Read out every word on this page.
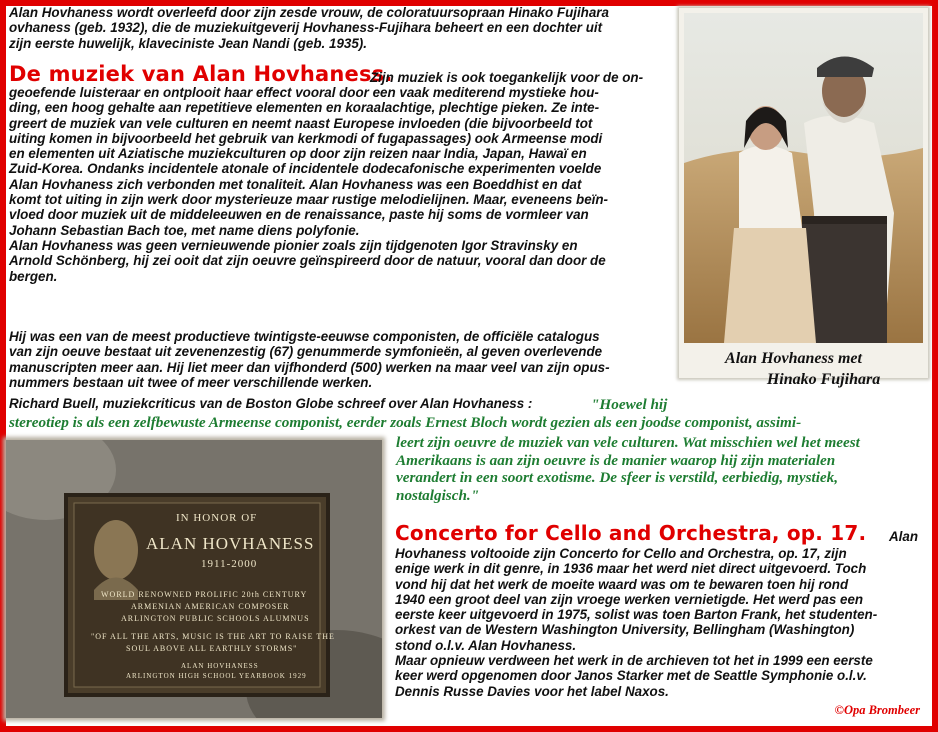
Alan Hovhaness wordt overleefd door zijn zesde vrouw, de coloratuursopraan Hinako Fujihara
ovhaness (geb. 1932), die de muziekuitgeverij Hovhaness-Fujihara beheert en een dochter uit
zijn eerste huwelijk, klaveciniste Jean Nandi (geb. 1935).
De muziek van Alan Hovhaness.
Zijn muziek is ook toegankelijk voor de on-
geoefende luisteraar en ontplooit haar effect vooral door een vaak mediterend mystieke hou-
ding, een hoog gehalte aan repetitieve elementen en koraalachtige, plechtige pieken. Ze inte-
greert de muziek van vele culturen en neemt naast Europese invloeden (die bijvoorbeeld tot
uiting komen in bijvoorbeeld het gebruik van kerkmodi of fugapassages) ook Armeense modi
en elementen uit Aziatische muziekculturen op door zijn reizen naar India, Japan, Hawaï en
Zuid-Korea. Ondanks incidentele atonale of incidentele dodecafonische experimenten voelde
Alan Hovhaness zich verbonden met tonaliteit. Alan Hovhaness was een Boeddhist en dat
komt tot uiting in zijn werk door mysterieuze maar rustige melodielijnen. Maar, eveneens beïn-
vloed door muziek uit de middeleeuwen en de renaissance, paste hij soms de vormleer van
Johann Sebastian Bach toe, met name diens polyfonie.
Alan Hovhaness was geen vernieuwende pionier zoals zijn tijdgenoten Igor Stravinsky en
Arnold Schönberg, hij zei ooit dat zijn oeuvre geïnspireerd door de natuur, vooral dan door de
bergen.
Hij was een van de meest productieve twintigste-eeuwse componisten, de officiële catalogus
van zijn oeuve bestaat uit zevenenzestig (67) genummerde symfonieën, al geven overlevende
manuscripten meer aan. Hij liet meer dan vijfhonderd (500) werken na maar veel van zijn opus-
nummers bestaan uit twee of meer verschillende werken.
Richard Buell, muziekcriticus van de Boston Globe schreef over Alan Hovhaness :	"Hoewel hij
stereotiep is als een zelfbewuste Armeense componist, eerder zoals Ernest Bloch wordt gezien als een joodse componist, assimi-
leert zijn oeuvre de muziek van vele culturen. Wat misschien wel het meest
Amerikaans is aan zijn oeuvre is de manier waarop hij zijn materialen
verandert in een soort exotisme. De sfeer is verstild, eerbiedig, mystiek,
nostalgisch."
Alan Hovhaness met
Hinako Fujihara
IN HONOR OF
ALAN HOVHANESS
1911-2000
WORLD RENOWNED PROLIFIC 20th CENTURY
ARMENIAN AMERICAN COMPOSER
ARLINGTON PUBLIC SCHOOLS ALUMNUS
"OF ALL THE ARTS, MUSIC IS THE ART TO RAISE THE
SOUL ABOVE ALL EARTHLY STORMS"
ALAN HOVHANESS
ARLINGTON HIGH SCHOOL YEARBOOK 1929
Concerto for Cello and Orchestra, op. 17. Alan
Hovhaness voltooide zijn Concerto for Cello and Orchestra, op. 17, zijn
enige werk in dit genre, in 1936 maar het werd niet direct uitgevoerd. Toch
vond hij dat het werk de moeite waard was om te bewaren toen hij rond
1940 een groot deel van zijn vroege werken vernietigde. Het werd pas een
eerste keer uitgevoerd in 1975, solist was toen Barton Frank, het studenten-
orkest van de Western Washington University, Bellingham (Washington)
stond o.l.v. Alan Hovhaness.
Maar opnieuw verdween het werk in de archieven tot het in 1999 een eerste
keer werd opgenomen door Janos Starker met de Seattle Symphonie o.l.v.
Dennis Russe Davies voor het label Naxos.
©Opa Brombeer
